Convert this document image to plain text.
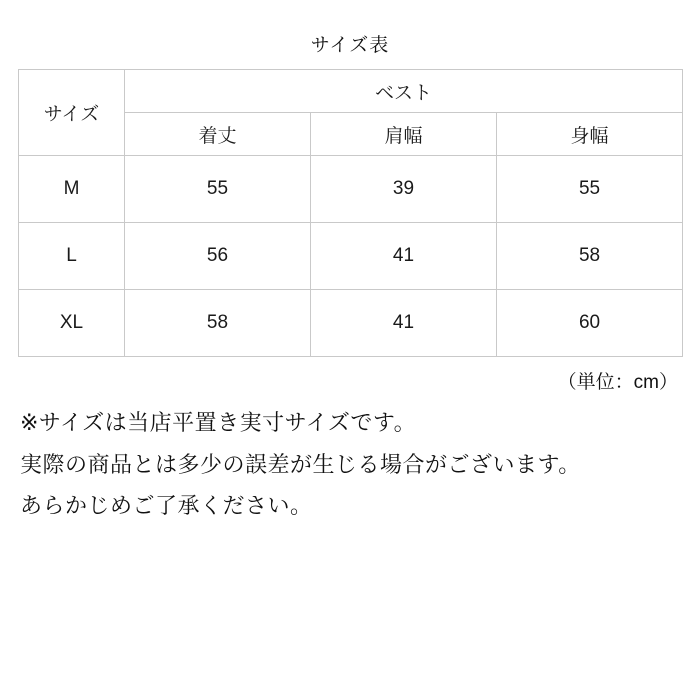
サイズ表
サイズ	ベスト		
	着丈	肩幅	身幅
M	55	39	55
L	56	41	58
XL	58	41	60
（単位：cm）

※サイズは当店平置き実寸サイズです。

実際の商品とは多少の誤差が生じる場合がございます。

あらかじめご了承ください。
